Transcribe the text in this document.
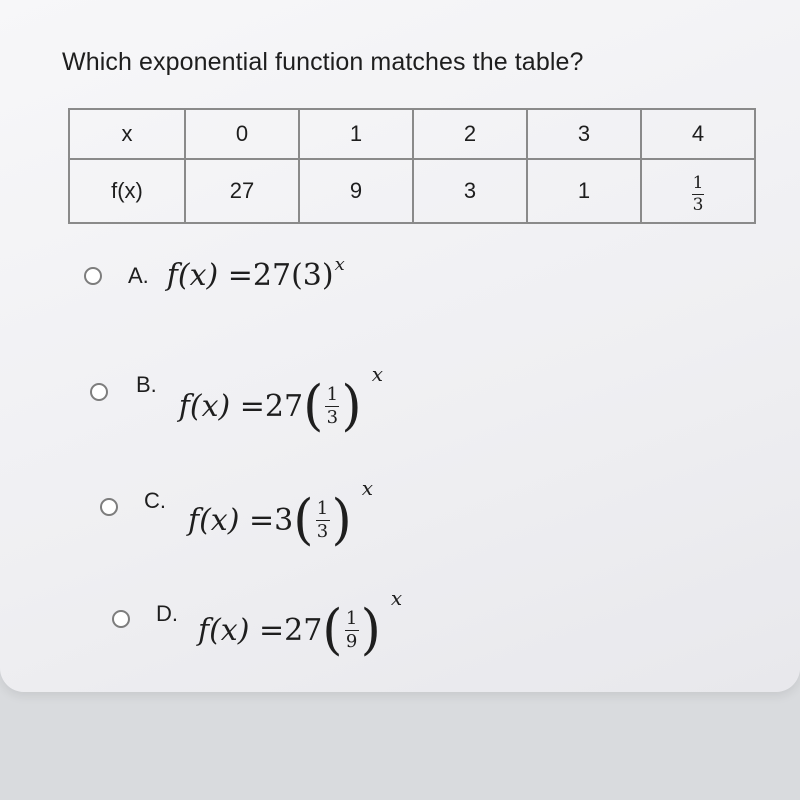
Which exponential function matches the table?
x	0	1	2	3	4
f(x)	27	9	3	1	$\frac{1}{3}$
A. f(x) = 27 (3) x
B.
f(x) = 27 ( $\frac{1}{3}$ )
x
C.
f(x) = 3 ( $\frac{1}{3}$ )
x
D. f(x) = 27 ( $\frac{1}{9}$ )
x
